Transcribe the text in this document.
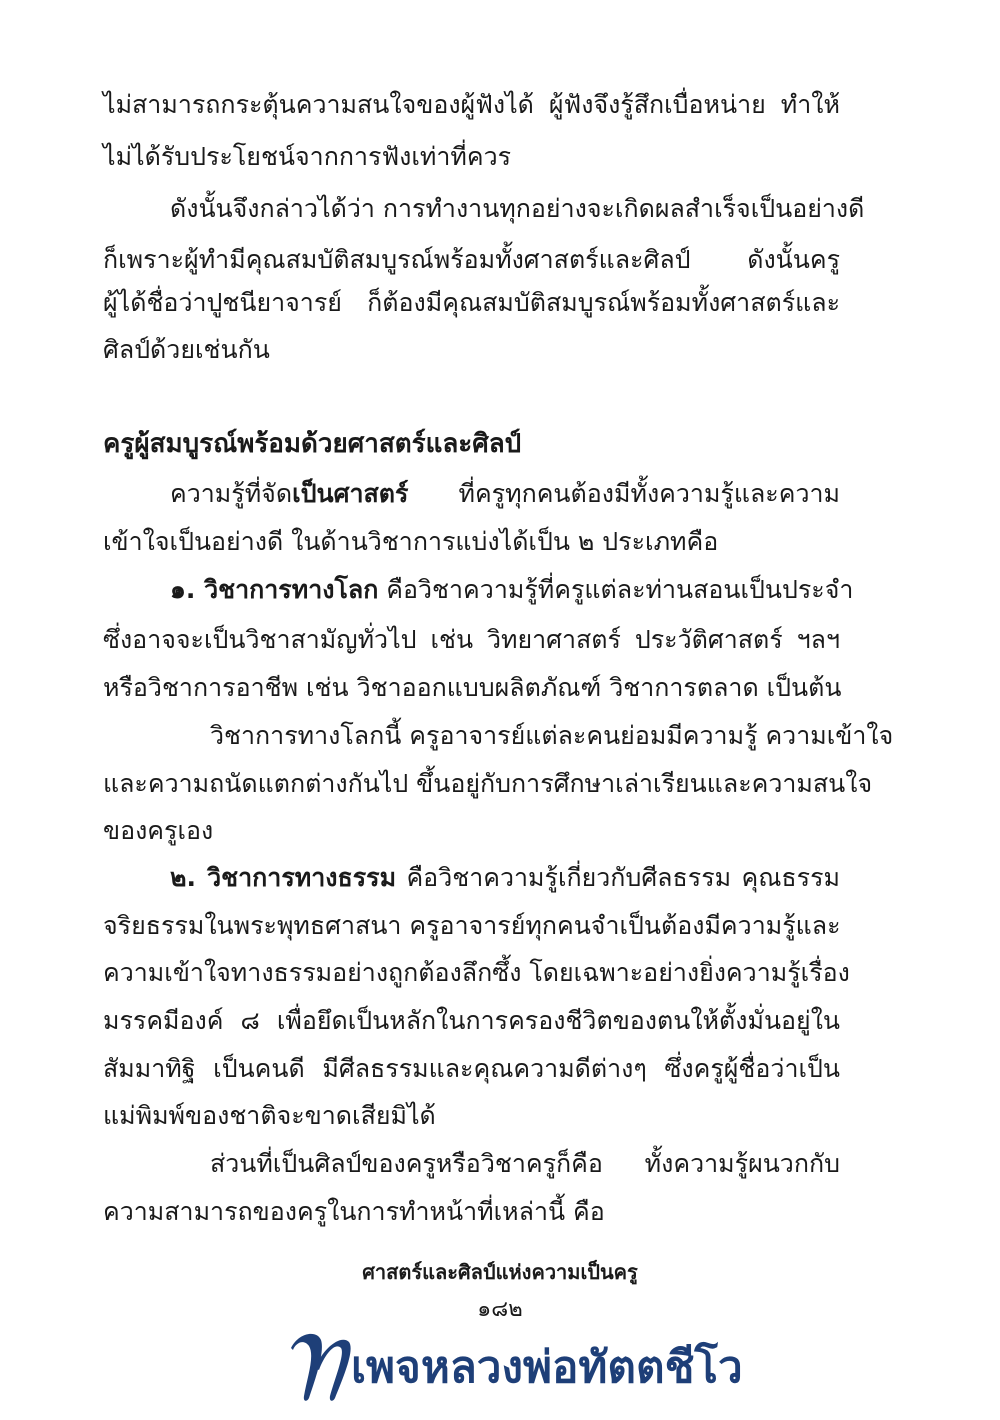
ไม่สามารถกระตุ้นความสนใจของผู้ฟังได้ ผู้ฟังจึงรู้สึกเบื่อหน่าย ทำให้
ไม่ได้รับประโยชน์จากการฟังเท่าที่ควร
ดังนั้นจึงกล่าวได้ว่า การทำงานทุกอย่างจะเกิดผลสำเร็จเป็นอย่างดี
ก็เพราะผู้ทำมีคุณสมบัติสมบูรณ์พร้อมทั้งศาสตร์และศิลป์ ดังนั้นครู
ผู้ได้ชื่อว่าปูชนียาจารย์ ก็ต้องมีคุณสมบัติสมบูรณ์พร้อมทั้งศาสตร์และ
ศิลป์ด้วยเช่นกัน
ครูผู้สมบูรณ์พร้อมด้วยศาสตร์และศิลป์
ความรู้ที่จัดเป็นศาสตร์ ที่ครูทุกคนต้องมีทั้งความรู้และความ
เข้าใจเป็นอย่างดี ในด้านวิชาการแบ่งได้เป็น ๒ ประเภทคือ
๑. วิชาการทางโลก คือวิชาความรู้ที่ครูแต่ละท่านสอนเป็นประจำ
ซึ่งอาจจะเป็นวิชาสามัญทั่วไป เช่น วิทยาศาสตร์ ประวัติศาสตร์ ฯลฯ
หรือวิชาการอาชีพ เช่น วิชาออกแบบผลิตภัณฑ์ วิชาการตลาด เป็นต้น
วิชาการทางโลกนี้ ครูอาจารย์แต่ละคนย่อมมีความรู้ ความเข้าใจ
และความถนัดแตกต่างกันไป ขึ้นอยู่กับการศึกษาเล่าเรียนและความสนใจ
ของครูเอง
๒. วิชาการทางธรรม คือวิชาความรู้เกี่ยวกับศีลธรรม คุณธรรม
จริยธรรมในพระพุทธศาสนา ครูอาจารย์ทุกคนจำเป็นต้องมีความรู้และ
ความเข้าใจทางธรรมอย่างถูกต้องลึกซึ้ง โดยเฉพาะอย่างยิ่งความรู้เรื่อง
มรรคมีองค์ ๘ เพื่อยึดเป็นหลักในการครองชีวิตของตนให้ตั้งมั่นอยู่ใน
สัมมาทิฐิ เป็นคนดี มีศีลธรรมและคุณความดีต่างๆ ซึ่งครูผู้ชื่อว่าเป็น
แม่พิมพ์ของชาติจะขาดเสียมิได้
ส่วนที่เป็นศิลป์ของครูหรือวิชาครูก็คือ ทั้งความรู้ผนวกกับ
ความสามารถของครูในการทำหน้าที่เหล่านี้ คือ
ศาสตร์และศิลป์แห่งความเป็นครู
๑๘๒
เพจหลวงพ่อทัตตชีโว
